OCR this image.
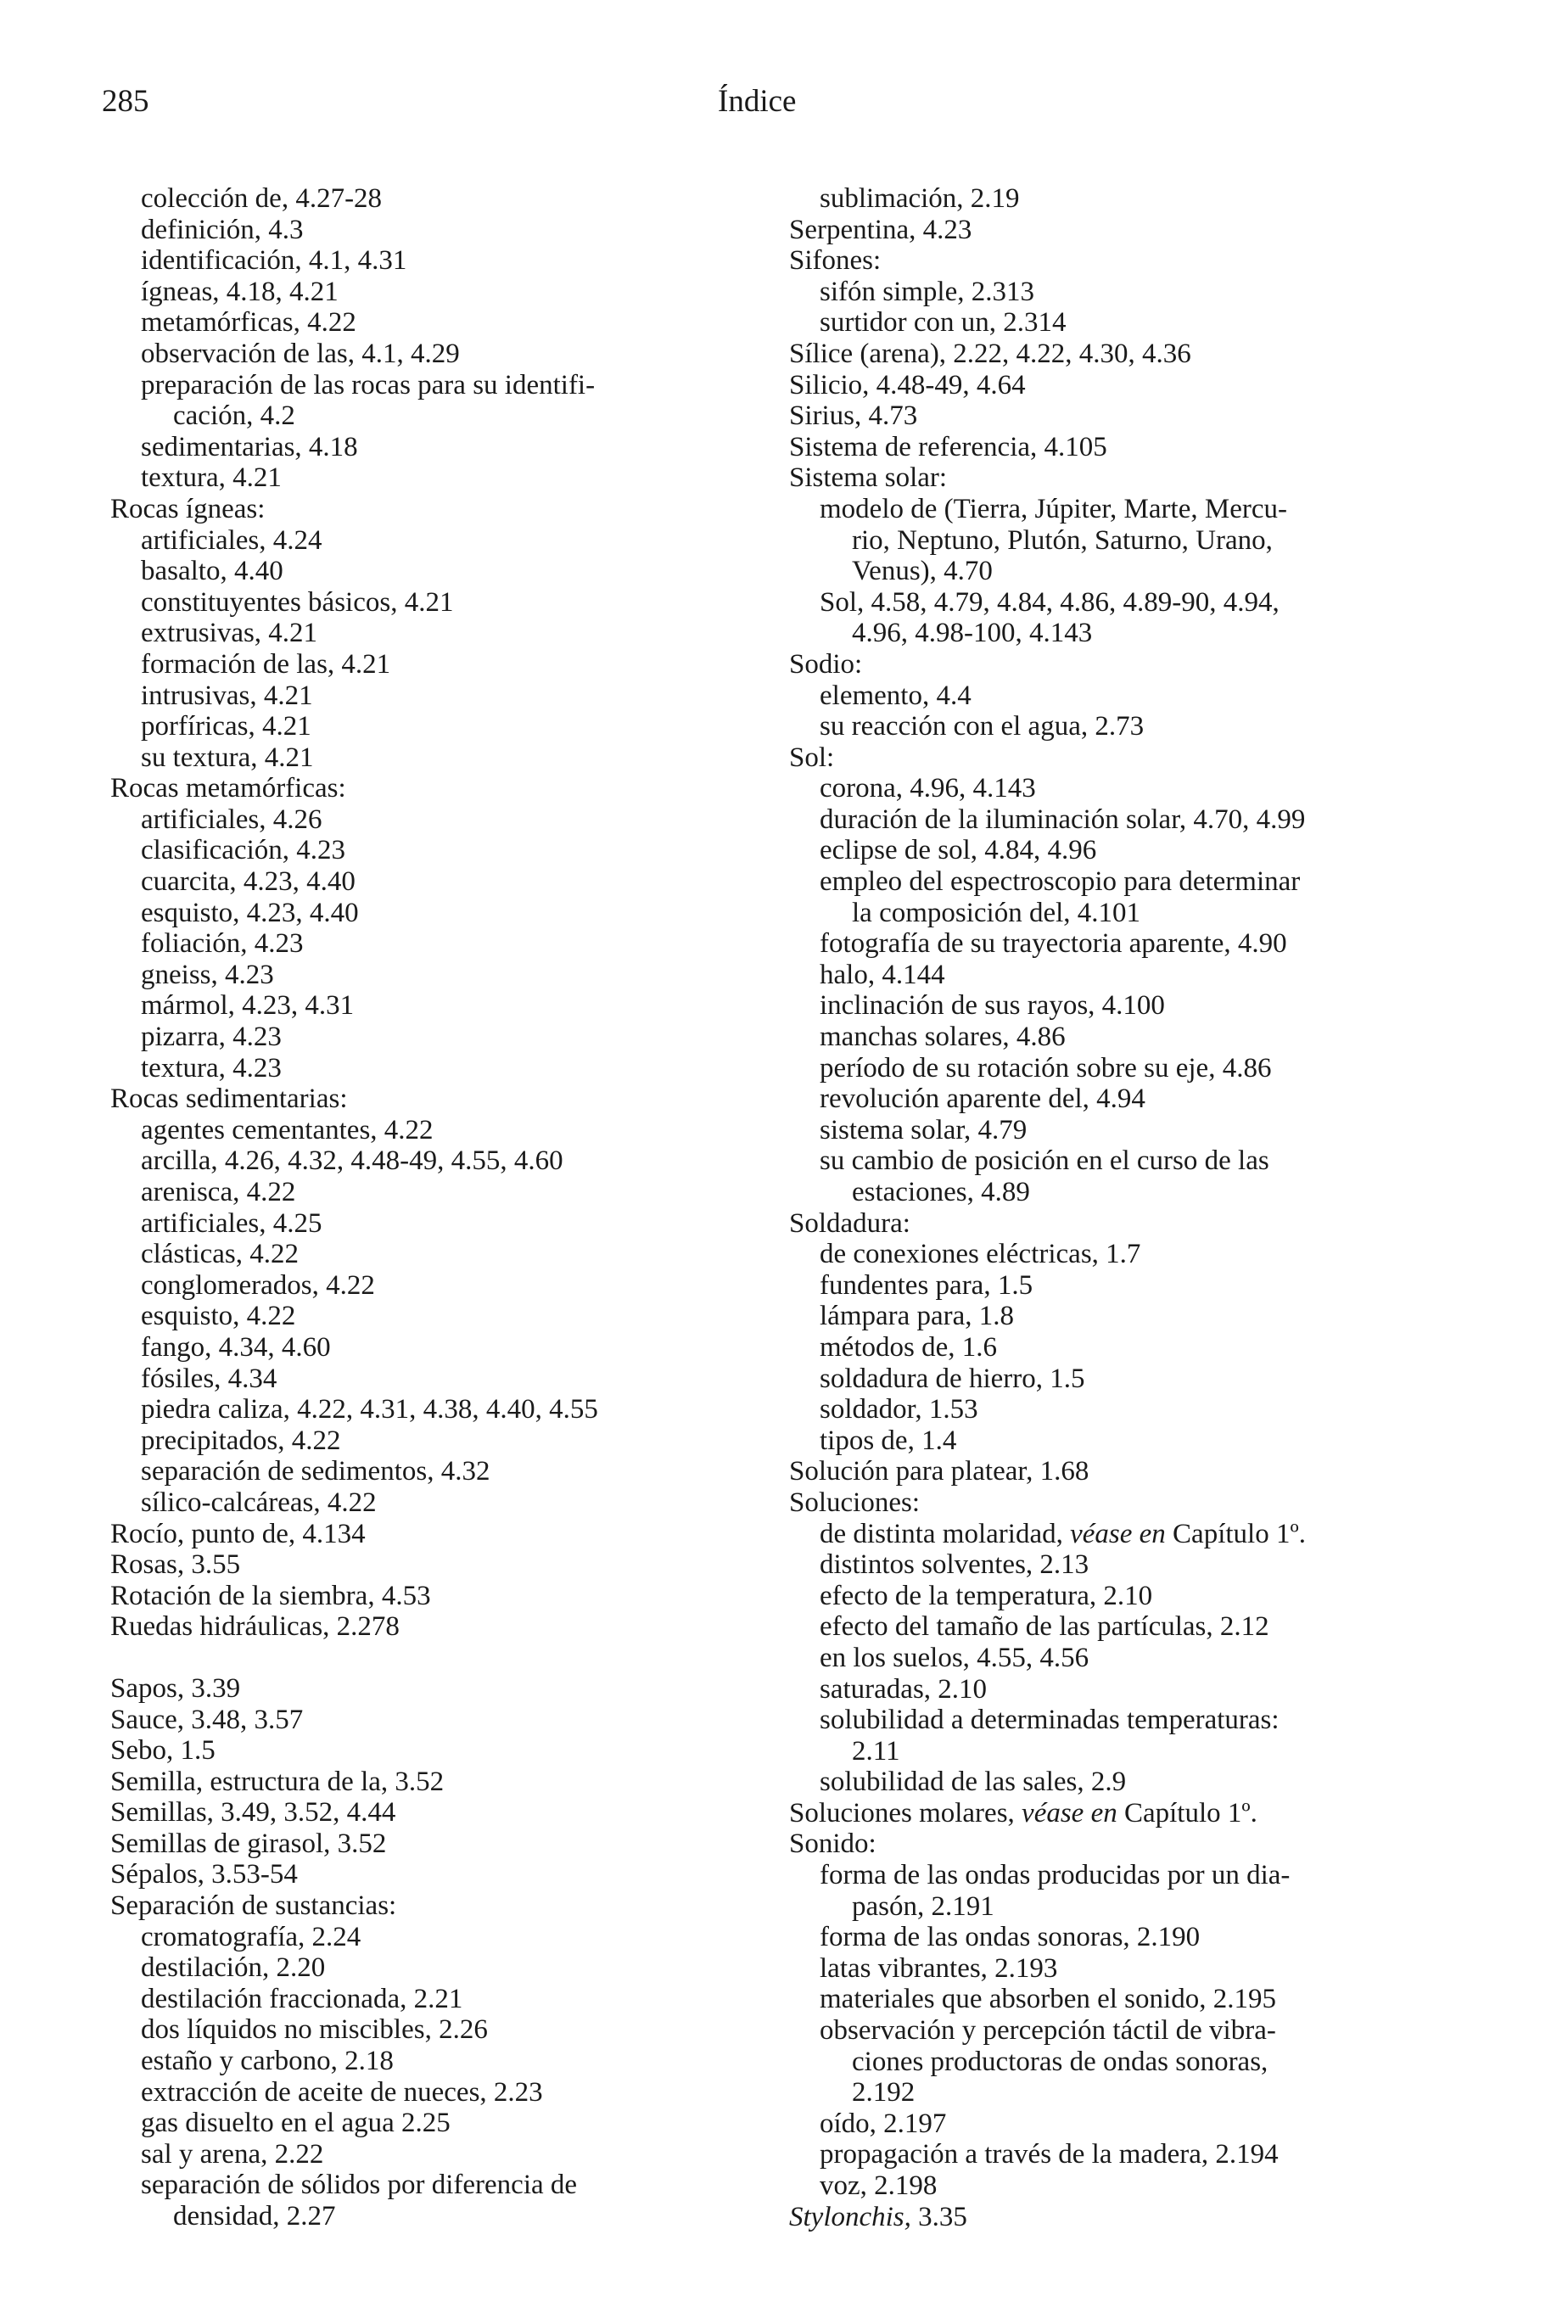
285	Índice
colección de, 4.27-28
definición, 4.3
identificación, 4.1, 4.31
ígneas, 4.18, 4.21
metamórficas, 4.22
observación de las, 4.1, 4.29
preparación de las rocas para su identifi-
cación, 4.2
sedimentarias, 4.18
textura, 4.21
Rocas ígneas:
artificiales, 4.24
basalto, 4.40
constituyentes básicos, 4.21
extrusivas, 4.21
formación de las, 4.21
intrusivas, 4.21
porfíricas, 4.21
su textura, 4.21
Rocas metamórficas:
artificiales, 4.26
clasificación, 4.23
cuarcita, 4.23, 4.40
esquisto, 4.23, 4.40
foliación, 4.23
gneiss, 4.23
mármol, 4.23, 4.31
pizarra, 4.23
textura, 4.23
Rocas sedimentarias:
agentes cementantes, 4.22
arcilla, 4.26, 4.32, 4.48-49, 4.55, 4.60
arenisca, 4.22
artificiales, 4.25
clásticas, 4.22
conglomerados, 4.22
esquisto, 4.22
fango, 4.34, 4.60
fósiles, 4.34
piedra caliza, 4.22, 4.31, 4.38, 4.40, 4.55
precipitados, 4.22
separación de sedimentos, 4.32
sílico-calcáreas, 4.22
Rocío, punto de, 4.134
Rosas, 3.55
Rotación de la siembra, 4.53
Ruedas hidráulicas, 2.278
Sapos, 3.39
Sauce, 3.48, 3.57
Sebo, 1.5
Semilla, estructura de la, 3.52
Semillas, 3.49, 3.52, 4.44
Semillas de girasol, 3.52
Sépalos, 3.53-54
Separación de sustancias:
cromatografía, 2.24
destilación, 2.20
destilación fraccionada, 2.21
dos líquidos no miscibles, 2.26
estaño y carbono, 2.18
extracción de aceite de nueces, 2.23
gas disuelto en el agua 2.25
sal y arena, 2.22
separación de sólidos por diferencia de
densidad, 2.27
sublimación, 2.19
Serpentina, 4.23
Sifones:
sifón simple, 2.313
surtidor con un, 2.314
Sílice (arena), 2.22, 4.22, 4.30, 4.36
Silicio, 4.48-49, 4.64
Sirius, 4.73
Sistema de referencia, 4.105
Sistema solar:
modelo de (Tierra, Júpiter, Marte, Mercu-
rio, Neptuno, Plutón, Saturno, Urano,
Venus), 4.70
Sol, 4.58, 4.79, 4.84, 4.86, 4.89-90, 4.94,
4.96, 4.98-100, 4.143
Sodio:
elemento, 4.4
su reacción con el agua, 2.73
Sol:
corona, 4.96, 4.143
duración de la iluminación solar, 4.70, 4.99
eclipse de sol, 4.84, 4.96
empleo del espectroscopio para determinar
la composición del, 4.101
fotografía de su trayectoria aparente, 4.90
halo, 4.144
inclinación de sus rayos, 4.100
manchas solares, 4.86
período de su rotación sobre su eje, 4.86
revolución aparente del, 4.94
sistema solar, 4.79
su cambio de posición en el curso de las
estaciones, 4.89
Soldadura:
de conexiones eléctricas, 1.7
fundentes para, 1.5
lámpara para, 1.8
métodos de, 1.6
soldadura de hierro, 1.5
soldador, 1.53
tipos de, 1.4
Solución para platear, 1.68
Soluciones:
de distinta molaridad, véase en Capítulo 1º.
distintos solventes, 2.13
efecto de la temperatura, 2.10
efecto del tamaño de las partículas, 2.12
en los suelos, 4.55, 4.56
saturadas, 2.10
solubilidad a determinadas temperaturas:
2.11
solubilidad de las sales, 2.9
Soluciones molares, véase en Capítulo 1º.
Sonido:
forma de las ondas producidas por un dia-
pasón, 2.191
forma de las ondas sonoras, 2.190
latas vibrantes, 2.193
materiales que absorben el sonido, 2.195
observación y percepción táctil de vibra-
ciones productoras de ondas sonoras,
2.192
oído, 2.197
propagación a través de la madera, 2.194
voz, 2.198
Stylonchis, 3.35
